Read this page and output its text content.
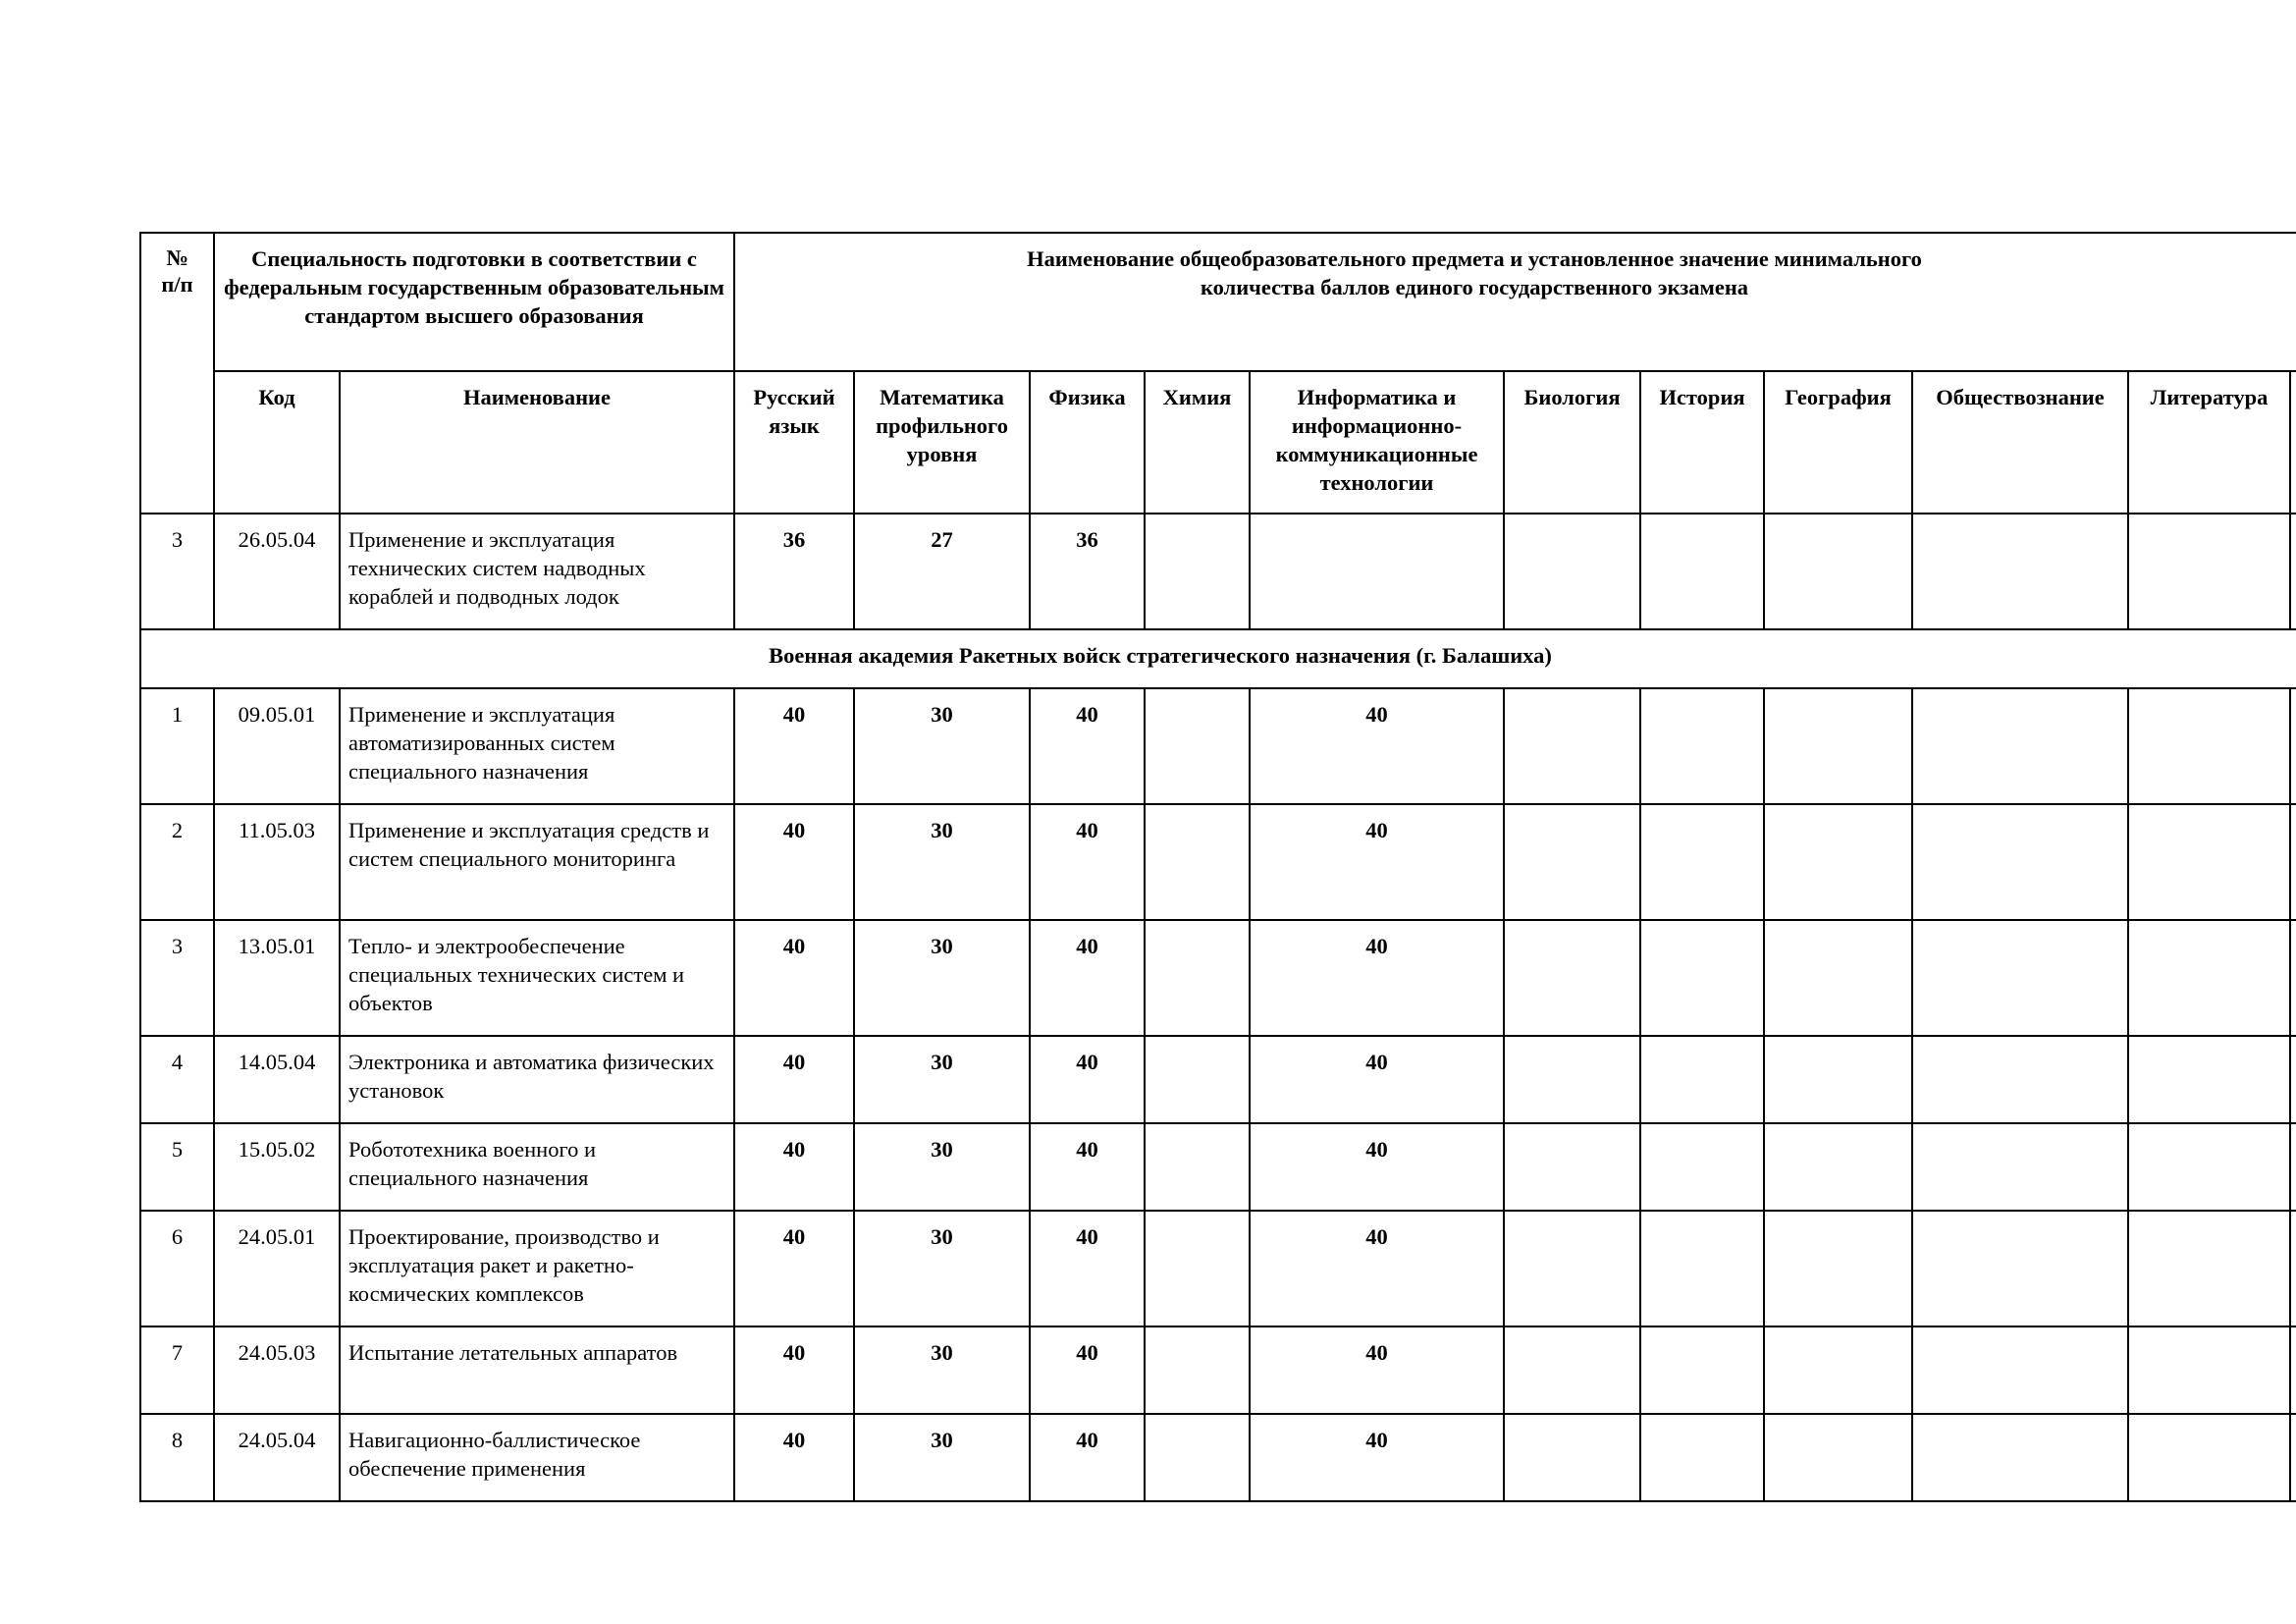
№
п/п	Специальность подготовки в соответствии с федеральным государственным образовательным стандартом высшего образования		Наименование общеобразовательного предмета и установленное значение минимального количества баллов единого государственного экзамена										

	Код	Наименование	Русский язык	Математика профильного уровня	Физика	Химия	Информатика и информационно-коммуникационные технологии	Биология	История	География	Обществознание	Литература	
3	26.05.04	Применение и эксплуатация технических систем надводных кораблей и подводных лодок	36	27	36								

Военная академия Ракетных войск стратегического назначения (г. Балашиха)													

1	09.05.01	Применение и эксплуатация автоматизированных систем специального назначения	40	30	40		40						
2	11.05.03	Применение и эксплуатация средств и систем специального мониторинга	40	30	40		40						
3	13.05.01	Тепло- и электрообеспечение специальных технических систем и объектов	40	30	40		40						
4	14.05.04	Электроника и автоматика физических установок	40	30	40		40						
5	15.05.02	Робототехника военного и специального назначения	40	30	40		40						
6	24.05.01	Проектирование, производство и эксплуатация ракет и ракетно-космических комплексов	40	30	40		40						
7	24.05.03	Испытание летательных аппаратов	40	30	40		40						
8	24.05.04	Навигационно-баллистическое обеспечение применения	40	30	40		40						
